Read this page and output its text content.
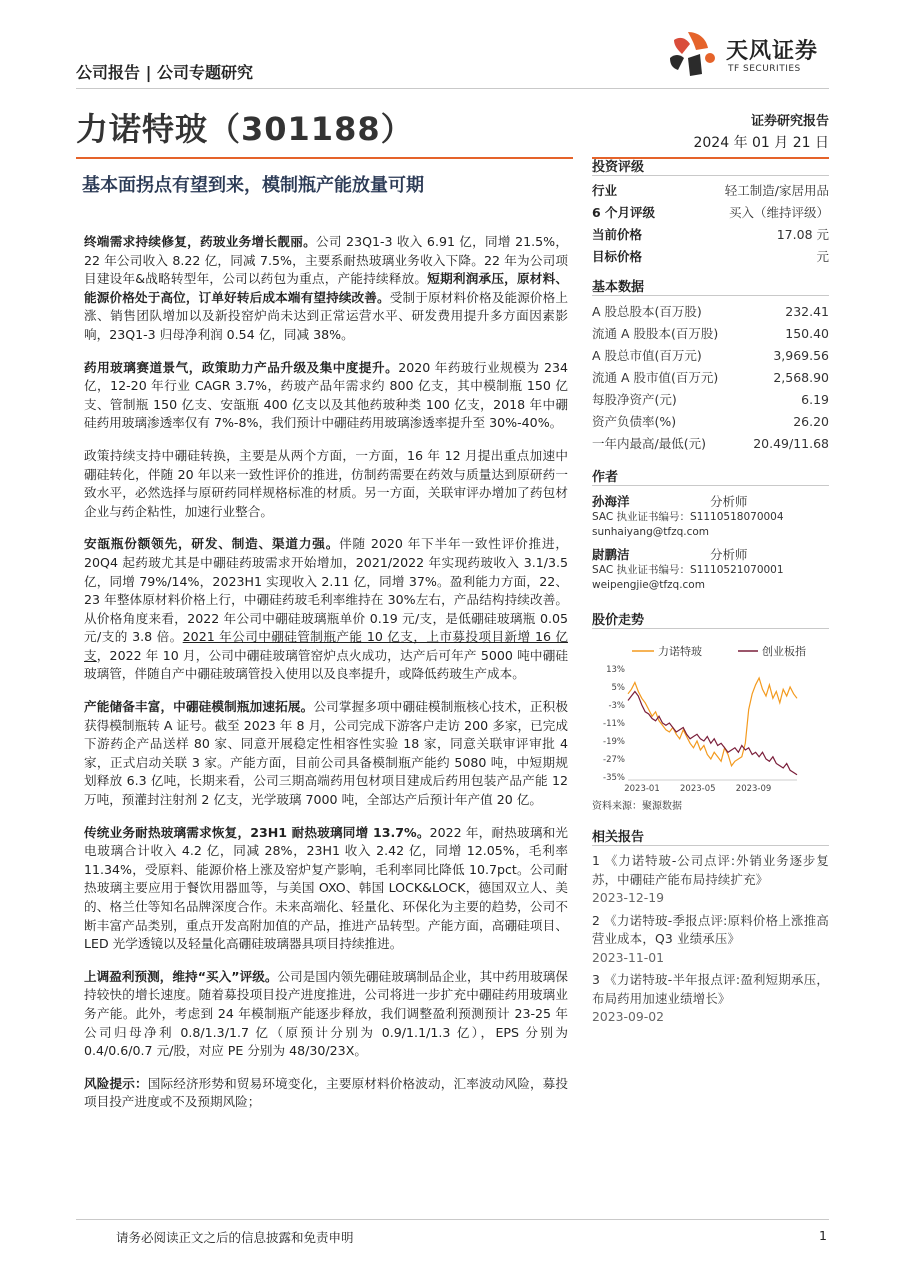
公司报告 | 公司专题研究
天风证券
TF SECURITIES
力诺特玻（301188）	证券研究报告
2024 年 01 月 21 日
基本面拐点有望到来，模制瓶产能放量可期

终端需求持续修复，药玻业务增长靓丽。公司 23Q1-3 收入 6.91 亿，同增 21.5%，22 年公司收入 8.22 亿，同减 7.5%，主要系耐热玻璃业务收入下降。22 年为公司项目建设年&战略转型年，公司以药包为重点，产能持续释放。短期利润承压，原材料、能源价格处于高位，订单好转后成本端有望持续改善。受制于原材料价格及能源价格上涨、销售团队增加以及新投窑炉尚未达到正常运营水平、研发费用提升多方面因素影响，23Q1-3 归母净利润 0.54 亿，同减 38%。

药用玻璃赛道景气，政策助力产品升级及集中度提升。2020 年药玻行业规模为 234 亿，12-20 年行业 CAGR 3.7%，药玻产品年需求约 800 亿支，其中模制瓶 150 亿支、管制瓶 150 亿支、安瓿瓶 400 亿支以及其他药玻种类 100 亿支，2018 年中硼硅药用玻璃渗透率仅有 7%-8%，我们预计中硼硅药用玻璃渗透率提升至 30%-40%。

政策持续支持中硼硅转换，主要是从两个方面，一方面，16 年 12 月提出重点加速中硼硅转化，伴随 20 年以来一致性评价的推进，仿制药需要在药效与质量达到原研药一致水平，必然选择与原研药同样规格标准的材质。另一方面，关联审评办增加了药包材企业与药企粘性，加速行业整合。

安瓿瓶份额领先，研发、制造、渠道力强。伴随 2020 年下半年一致性评价推进，20Q4 起药玻尤其是中硼硅药玻需求开始增加，2021/2022 年实现药玻收入 3.1/3.5 亿，同增 79%/14%，2023H1 实现收入 2.11 亿，同增 37%。盈利能力方面，22、23 年整体原材料价格上行，中硼硅药玻毛利率维持在 30%左右，产品结构持续改善。从价格角度来看，2022 年公司中硼硅玻璃瓶单价 0.19 元/支，是低硼硅玻璃瓶 0.05 元/支的 3.8 倍。2021 年公司中硼硅管制瓶产能 10 亿支，上市募投项目新增 16 亿支，2022 年 10 月，公司中硼硅玻璃管窑炉点火成功，达产后可年产 5000 吨中硼硅玻璃管，伴随自产中硼硅玻璃管投入使用以及良率提升，或降低药玻生产成本。

产能储备丰富，中硼硅模制瓶加速拓展。公司掌握多项中硼硅模制瓶核心技术，正积极获得模制瓶转 A 证号。截至 2023 年 8 月，公司完成下游客户走访 200 多家，已完成下游药企产品送样 80 家、同意开展稳定性相容性实验 18 家，同意关联审评审批 4 家，正式启动关联 3 家。产能方面，目前公司具备模制瓶产能约 5080 吨，中短期规划释放 6.3 亿吨，长期来看，公司三期高端药用包材项目建成后药用包装产品产能 12 万吨，预灌封注射剂 2 亿支，光学玻璃 7000 吨，全部达产后预计年产值 20 亿。

传统业务耐热玻璃需求恢复，23H1 耐热玻璃同增 13.7%。2022 年，耐热玻璃和光电玻璃合计收入 4.2 亿，同减 28%，23H1 收入 2.42 亿，同增 12.05%，毛利率 11.34%，受原料、能源价格上涨及窑炉复产影响，毛利率同比降低 10.7pct。公司耐热玻璃主要应用于餐饮用器皿等，与美国 OXO、韩国 LOCK&LOCK，德国双立人、美的、格兰仕等知名品牌深度合作。未来高端化、轻量化、环保化为主要的趋势，公司不断丰富产品类别，重点开发高附加值的产品，推进产品转型。产能方面，高硼硅项目、LED 光学透镜以及轻量化高硼硅玻璃器具项目持续推进。

上调盈利预测，维持“买入”评级。公司是国内领先硼硅玻璃制品企业，其中药用玻璃保持较快的增长速度。随着募投项目投产进度推进，公司将进一步扩充中硼硅药用玻璃业务产能。此外，考虑到 24 年模制瓶产能逐步释放，我们调整盈利预测预计 23-25 年公司归母净利 0.8/1.3/1.7 亿（原预计分别为 0.9/1.1/1.3 亿），EPS 分别为 0.4/0.6/0.7 元/股，对应 PE 分别为 48/30/23X。

风险提示：国际经济形势和贸易环境变化，主要原材料价格波动，汇率波动风险，募投项目投产进度或不及预期风险；

投资评级
行业	轻工制造/家居用品
6 个月评级	买入（维持评级）
当前价格	17.08 元
目标价格	元
基本数据
A 股总股本(百万股)	232.41
流通 A 股股本(百万股)	150.40
A 股总市值(百万元)	3,969.56
流通 A 股市值(百万元)	2,568.90
每股净资产(元)	6.19
资产负债率(%)	26.20
一年内最高/最低(元)	20.49/11.68
作者
孙海洋	分析师
SAC 执业证书编号：S1110518070004
sunhaiyang@tfzq.com
尉鹏洁	分析师
SAC 执业证书编号：S1110521070001
weipengjie@tfzq.com
股价走势
力诺特玻	创业板指
13%
5%
-3%
-11%
-19%
-27%
-35%
2023-01 2023-05 2023-09
资料来源：聚源数据
相关报告
1 《力诺特玻-公司点评:外销业务逐步复苏，中硼硅产能布局持续扩充》
2023-12-19
2 《力诺特玻-季报点评:原料价格上涨推高营业成本，Q3 业绩承压》
2023-11-01
3 《力诺特玻-半年报点评:盈利短期承压，布局药用加速业绩增长》
2023-09-02
请务必阅读正文之后的信息披露和免责申明	1
